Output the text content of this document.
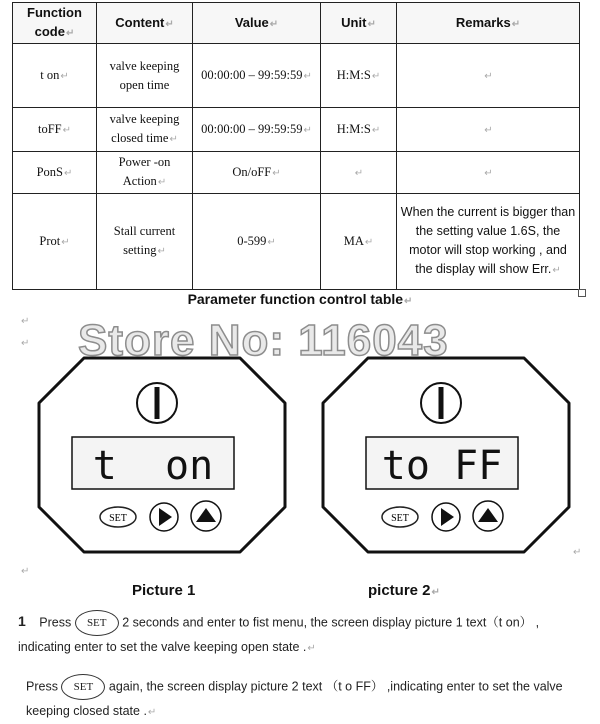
Function
code↵	Content↵	Value↵	Unit↵	Remarks↵
t on↵	valve keeping open time	00:00:00 – 99:59:59↵	H:M:S↵	↵
toFF↵	valve keeping closed time↵	00:00:00 – 99:59:59↵	H:M:S↵	↵
PonS↵	Power -on Action↵	On/oFF↵	↵	↵
Prot↵	Stall current setting↵	0-599↵	MA↵	When the current is bigger than the setting value 1.6S, the motor will stop working , and the display will show Err.↵
Parameter function control table↵
↵
↵
t  on
SET
to FF
SET
Store No: 116043
↵
↵
Picture 1	picture 2↵
1 Press SET 2 seconds and enter to fist menu, the screen display picture 1 text（t on） , indicating enter to set the valve keeping open state .↵
Press SET again, the screen display picture 2 text （t o FF） ,indicating enter to set the valve keeping closed state .↵
